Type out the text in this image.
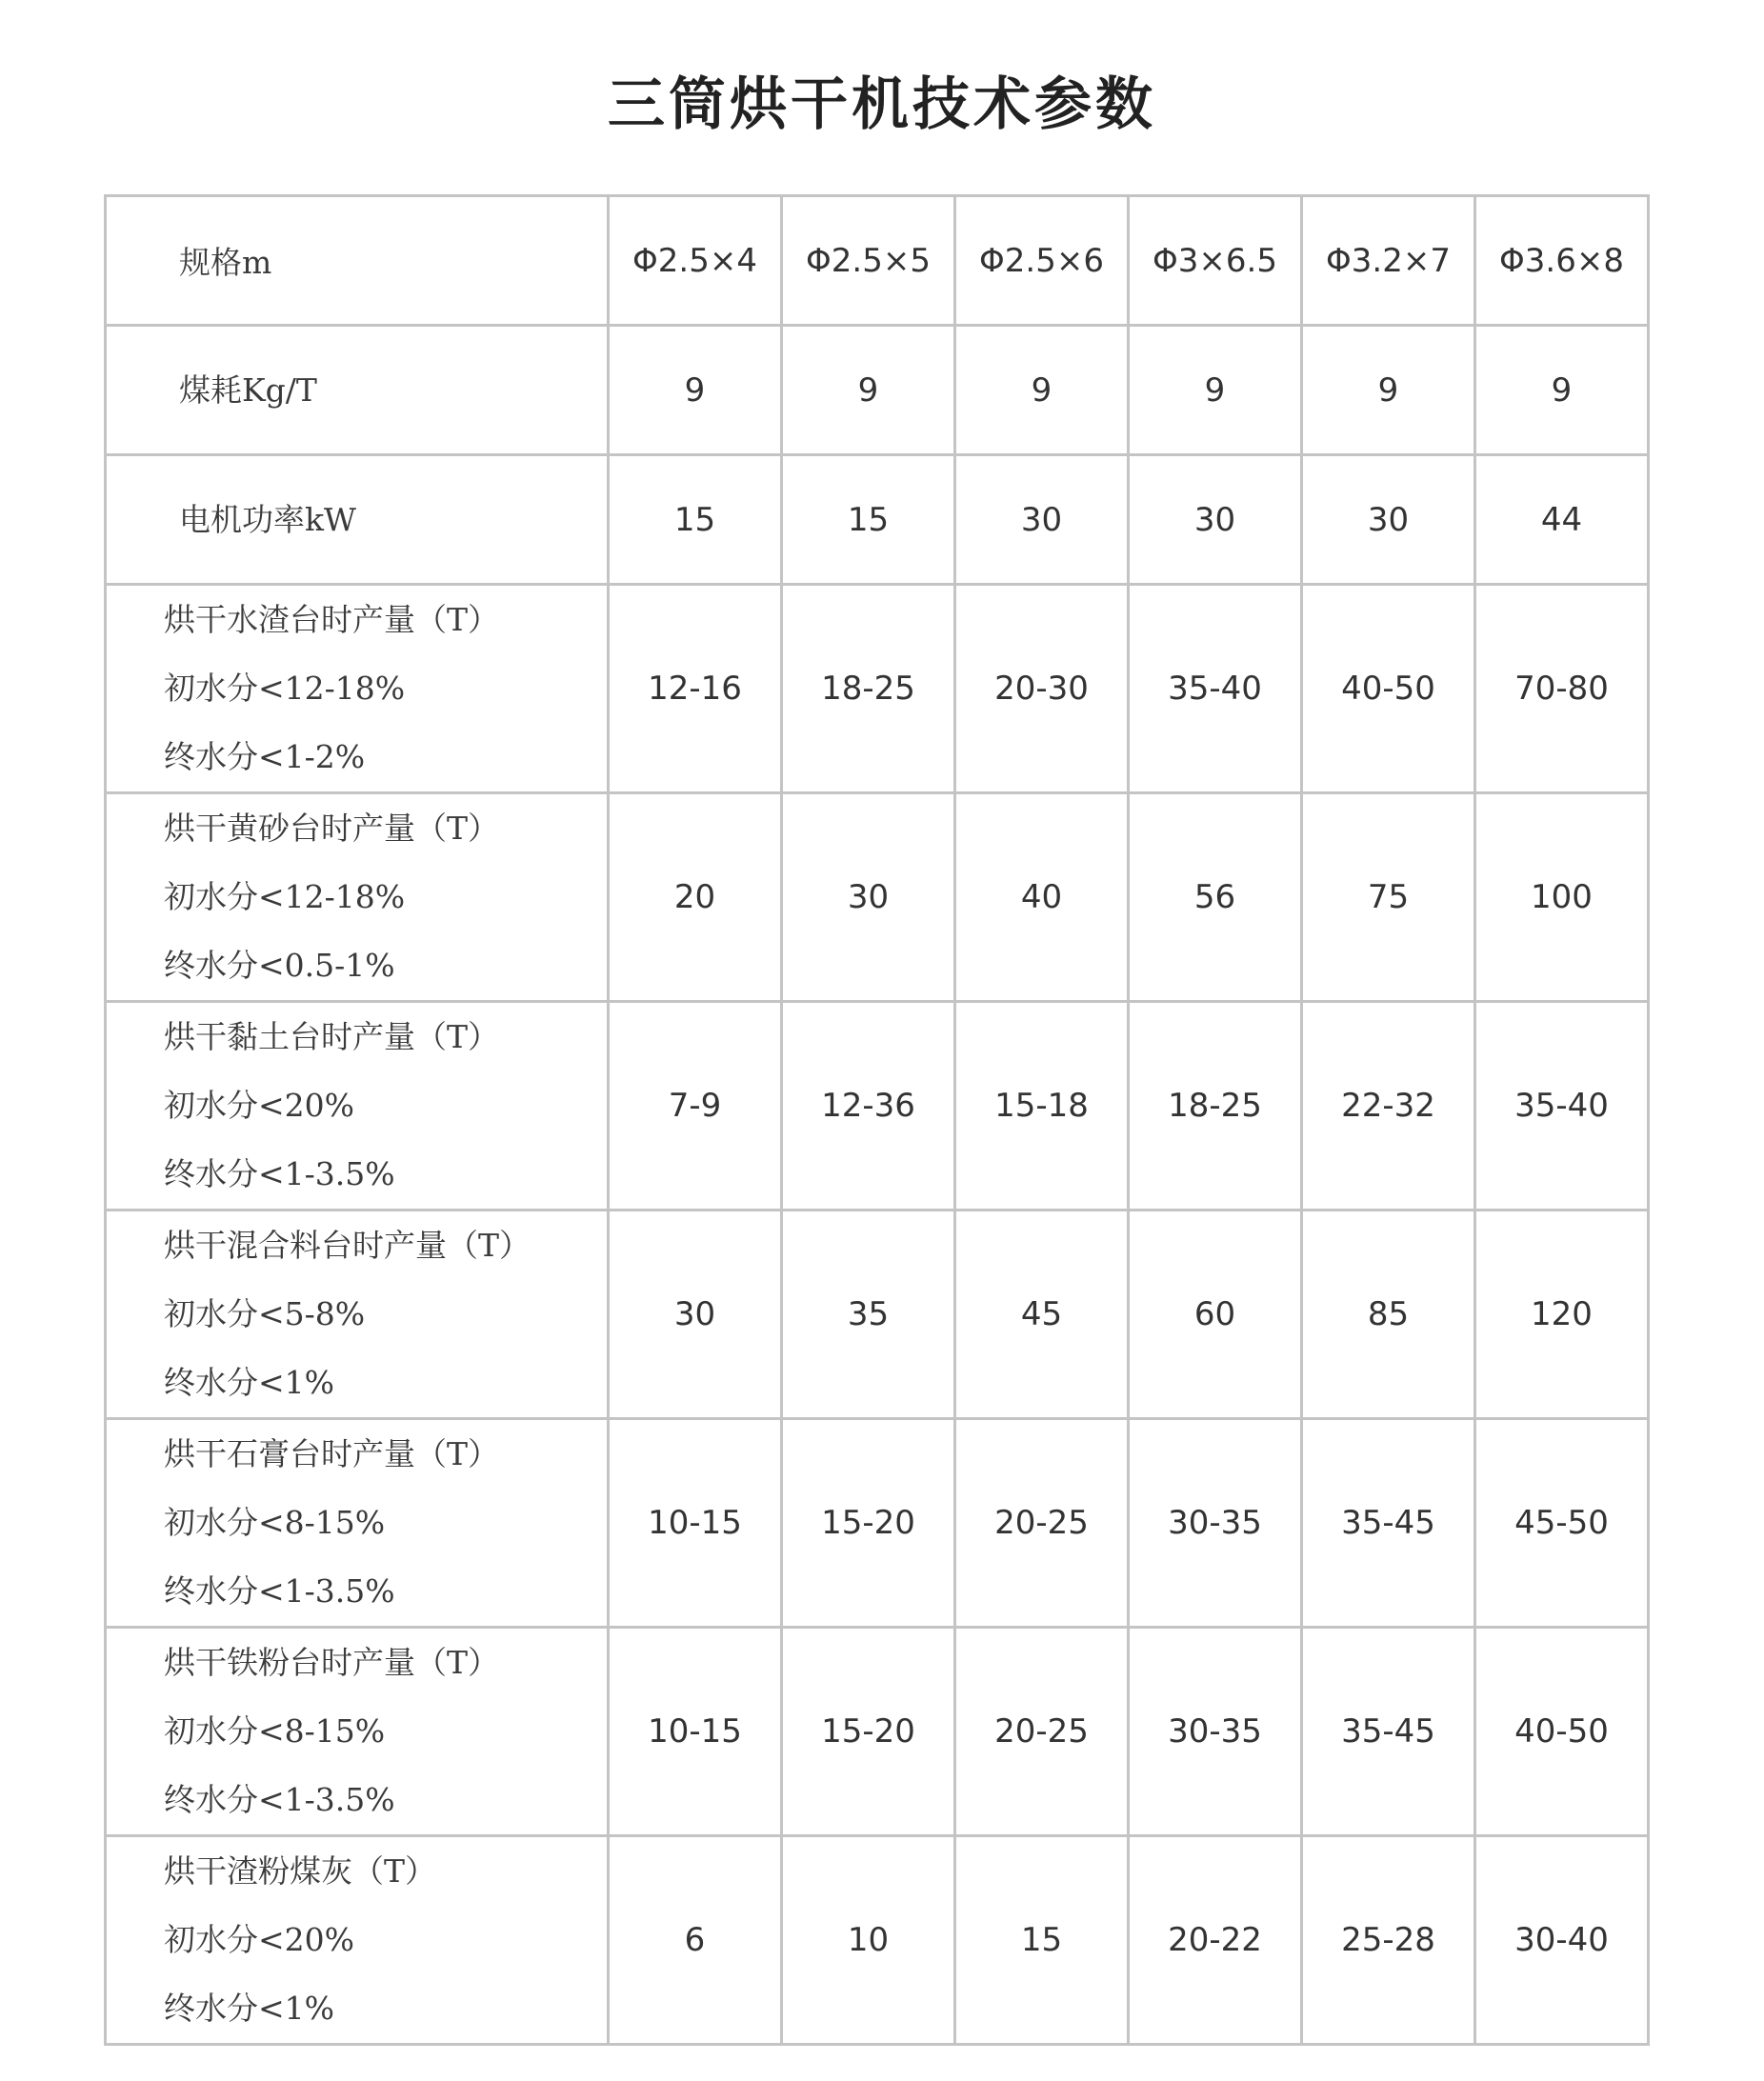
三筒烘干机技术参数
规格m	Φ2.5×4	Φ2.5×5	Φ2.5×6	Φ3×6.5	Φ3.2×7	Φ3.6×8

煤耗Kg/T	9	9	9	9	9	9

电机功率kW	15	15	30	30	30	44

烘干水渣台时产量（T）
初水分<12-18%
终水分<1-2%	12-16	18-25	20-30	35-40	40-50	70-80

烘干黄砂台时产量（T）
初水分<12-18%
终水分<0.5-1%	20	30	40	56	75	100

烘干黏土台时产量（T）
初水分<20%
终水分<1-3.5%	7-9	12-36	15-18	18-25	22-32	35-40

烘干混合料台时产量（T）
初水分<5-8%
终水分<1%	30	35	45	60	85	120

烘干石膏台时产量（T）
初水分<8-15%
终水分<1-3.5%	10-15	15-20	20-25	30-35	35-45	45-50

烘干铁粉台时产量（T）
初水分<8-15%
终水分<1-3.5%	10-15	15-20	20-25	30-35	35-45	40-50

烘干渣粉煤灰（T）
初水分<20%
终水分<1%	6	10	15	20-22	25-28	30-40
